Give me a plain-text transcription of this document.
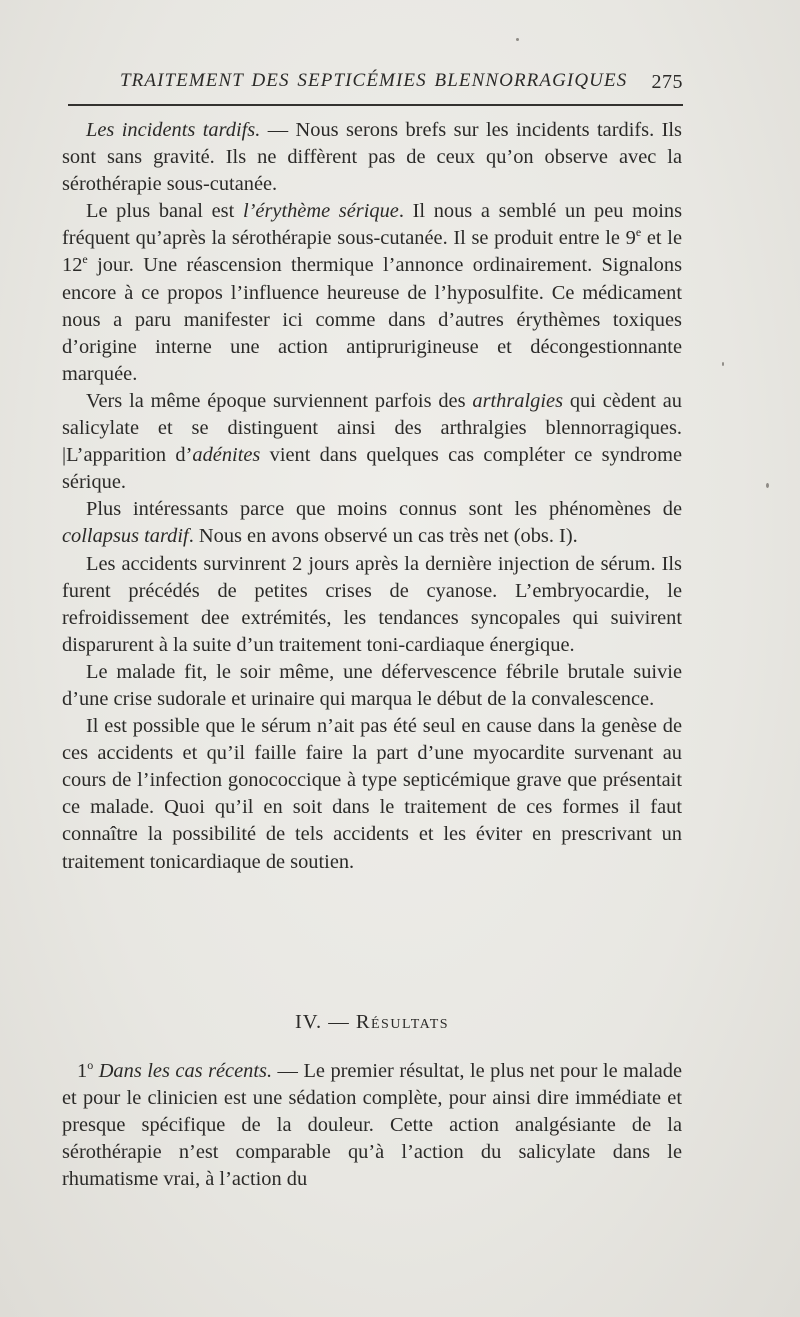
TRAITEMENT DES SEPTICÉMIES BLENNORRAGIQUES 275

Les incidents tardifs. — Nous serons brefs sur les incidents tardifs. Ils sont sans gravité. Ils ne diffèrent pas de ceux qu’on observe avec la sérothérapie sous-cutanée.

Le plus banal est l’érythème sérique. Il nous a semblé un peu moins fréquent qu’après la sérothérapie sous-cutanée. Il se produit entre le 9e et le 12e jour. Une réascension thermique l’annonce ordinairement. Signalons encore à ce propos l’influence heureuse de l’hyposulfite. Ce médicament nous a paru manifester ici comme dans d’autres érythèmes toxiques d’origine interne une action antiprurigineuse et décongestionnante marquée.

Vers la même époque surviennent parfois des arthralgies qui cèdent au salicylate et se distinguent ainsi des arthralgies blennorragiques. |L’apparition d’adénites vient dans quelques cas compléter ce syndrome sérique.

Plus intéressants parce que moins connus sont les phénomènes de collapsus tardif. Nous en avons observé un cas très net (obs. I).

Les accidents survinrent 2 jours après la dernière injection de sérum. Ils furent précédés de petites crises de cyanose. L’embryocardie, le refroidissement dee extrémités, les tendances syncopales qui suivirent disparurent à la suite d’un traitement toni-cardiaque énergique.

Le malade fit, le soir même, une défervescence fébrile brutale suivie d’une crise sudorale et urinaire qui marqua le début de la convalescence.

Il est possible que le sérum n’ait pas été seul en cause dans la genèse de ces accidents et qu’il faille faire la part d’une myocardite survenant au cours de l’infection gonococcique à type septicémique grave que présentait ce malade. Quoi qu’il en soit dans le traitement de ces formes il faut connaître la possibilité de tels accidents et les éviter en prescrivant un traitement tonicardiaque de soutien.

IV. — Résultats

1$^o$ Dans les cas récents. — Le premier résultat, le plus net pour le malade et pour le clinicien est une sédation complète, pour ainsi dire immédiate et presque spécifique de la douleur. Cette action analgésiante de la sérothérapie n’est comparable qu’à l’action du salicylate dans le rhumatisme vrai, à l’action du
